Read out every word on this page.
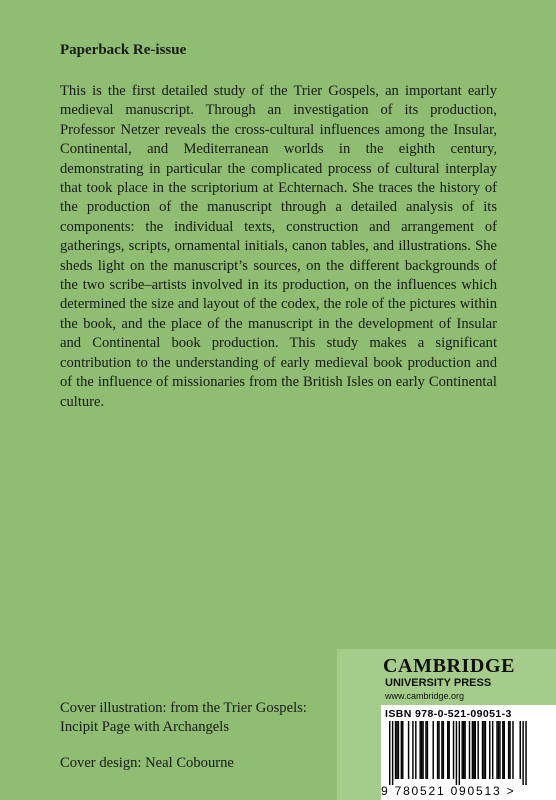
Paperback Re-issue

This is the first detailed study of the Trier Gospels, an important early medieval manuscript. Through an investigation of its production, Professor Netzer reveals the cross-cultural influences among the Insular, Continental, and Mediterranean worlds in the eighth century, demonstrating in particular the complicated process of cultural interplay that took place in the scriptorium at Echternach. She traces the history of the production of the manuscript through a detailed analysis of its components: the individual texts, construction and arrangement of gatherings, scripts, ornamental initials, canon tables, and illustrations. She sheds light on the manuscript’s sources, on the different backgrounds of the two scribe–artists involved in its production, on the influences which determined the size and layout of the codex, the role of the pictures within the book, and the place of the manuscript in the development of Insular and Continental book production. This study makes a significant contribution to the understanding of early medieval book production and of the influence of missionaries from the British Isles on early Continental culture.

Cover illustration: from the Trier Gospels:

Incipit Page with Archangels

Cover design: Neal Cobourne

CAMBRIDGE
UNIVERSITY PRESS
www.cambridge.org
ISBN 978-0-521-09051-3
9 780521 090513 >
